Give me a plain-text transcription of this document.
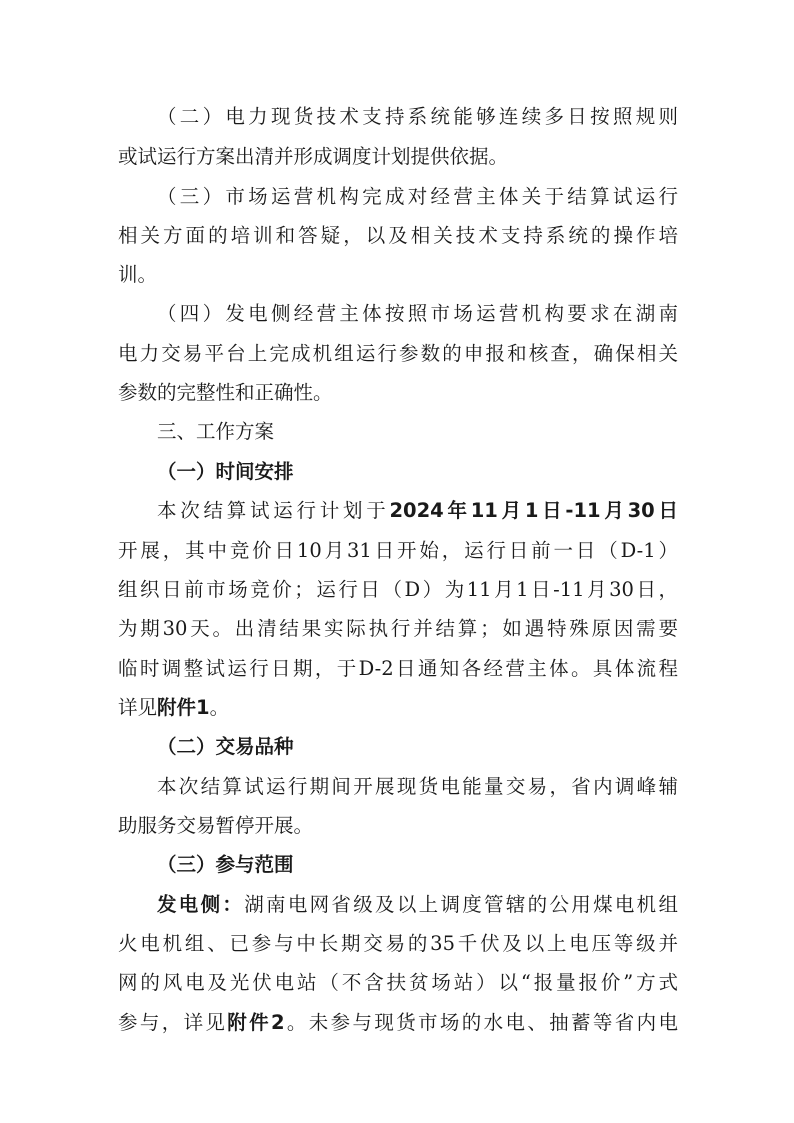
（二）电力现货技术支持系统能够连续多日按照规则
或试运行方案出清并形成调度计划提供依据。
（三）市场运营机构完成对经营主体关于结算试运行
相关方面的培训和答疑，以及相关技术支持系统的操作培
训。
（四）发电侧经营主体按照市场运营机构要求在湖南
电力交易平台上完成机组运行参数的申报和核查，确保相关
参数的完整性和正确性。
三、工作方案
（一）时间安排
本次结算试运行计划于2024年11月1日-11月30日
开展，其中竞价日10月31日开始，运行日前一日（D-1）
组织日前市场竞价；运行日（D）为11月1日-11月30日，
为期30天。出清结果实际执行并结算；如遇特殊原因需要
临时调整试运行日期，于D-2日通知各经营主体。具体流程
详见附件1。
（二）交易品种
本次结算试运行期间开展现货电能量交易，省内调峰辅
助服务交易暂停开展。
（三）参与范围
发电侧：湖南电网省级及以上调度管辖的公用煤电机组
火电机组、已参与中长期交易的35千伏及以上电压等级并
网的风电及光伏电站（不含扶贫场站）以“报量报价”方式
参与，详见附件2。未参与现货市场的水电、抽蓄等省内电
